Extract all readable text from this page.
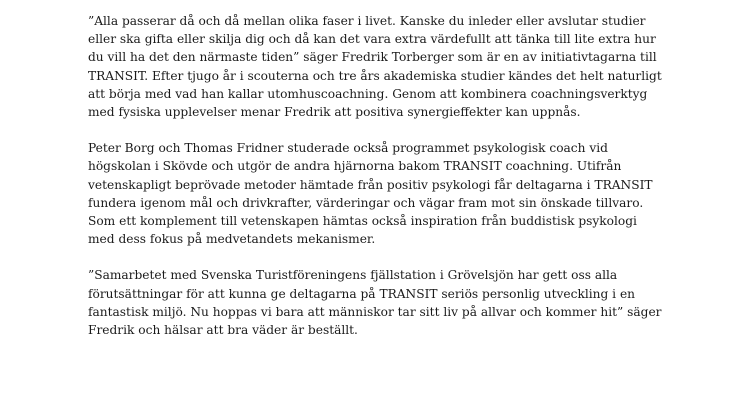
”Alla passerar då och då mellan olika faser i livet. Kanske du inleder eller avslutar studier
eller ska gifta eller skilja dig och då kan det vara extra värdefullt att tänka till lite extra hur
du vill ha det den närmaste tiden” säger Fredrik Torberger som är en av initiativtagarna till
TRANSIT. Efter tjugo år i scouterna och tre års akademiska studier kändes det helt naturligt
att börja med vad han kallar utomhuscoachning. Genom att kombinera coachningsverktyg
med fysiska upplevelser menar Fredrik att positiva synergieffekter kan uppnås.

Peter Borg och Thomas Fridner studerade också programmet psykologisk coach vid
högskolan i Skövde och utgör de andra hjärnorna bakom TRANSIT coachning. Utifrån
vetenskapligt beprövade metoder hämtade från positiv psykologi får deltagarna i TRANSIT
fundera igenom mål och drivkrafter, värderingar och vägar fram mot sin önskade tillvaro.
Som ett komplement till vetenskapen hämtas också inspiration från buddistisk psykologi
med dess fokus på medvetandets mekanismer.

”Samarbetet med Svenska Turistföreningens fjällstation i Grövelsjön har gett oss alla
förutsättningar för att kunna ge deltagarna på TRANSIT seriös personlig utveckling i en
fantastisk miljö. Nu hoppas vi bara att människor tar sitt liv på allvar och kommer hit” säger
Fredrik och hälsar att bra väder är beställt.
